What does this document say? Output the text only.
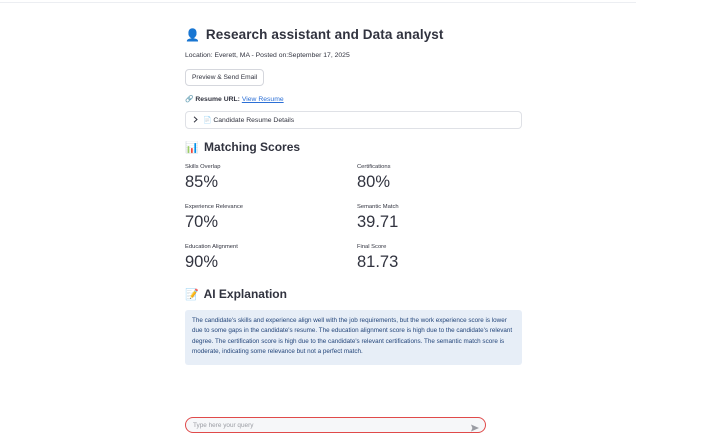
👤 Research assistant and Data analyst
Location: Everett, MA - Posted on:September 17, 2025
Preview & Send Email
🔗 Resume URL: View Resume
📄 Candidate Resume Details
📊 Matching Scores
Skills Overlap
85%
Certifications
80%
Experience Relevance
70%
Semantic Match
39.71
Education Alignment
90%
Final Score
81.73
📝 AI Explanation
The candidate's skills and experience align well with the job requirements, but the work experience score is lower due to some gaps in the candidate's resume. The education alignment score is high due to the candidate's relevant degree. The certification score is high due to the candidate's relevant certifications. The semantic match score is moderate, indicating some relevance but not a perfect match.
Type here your query
